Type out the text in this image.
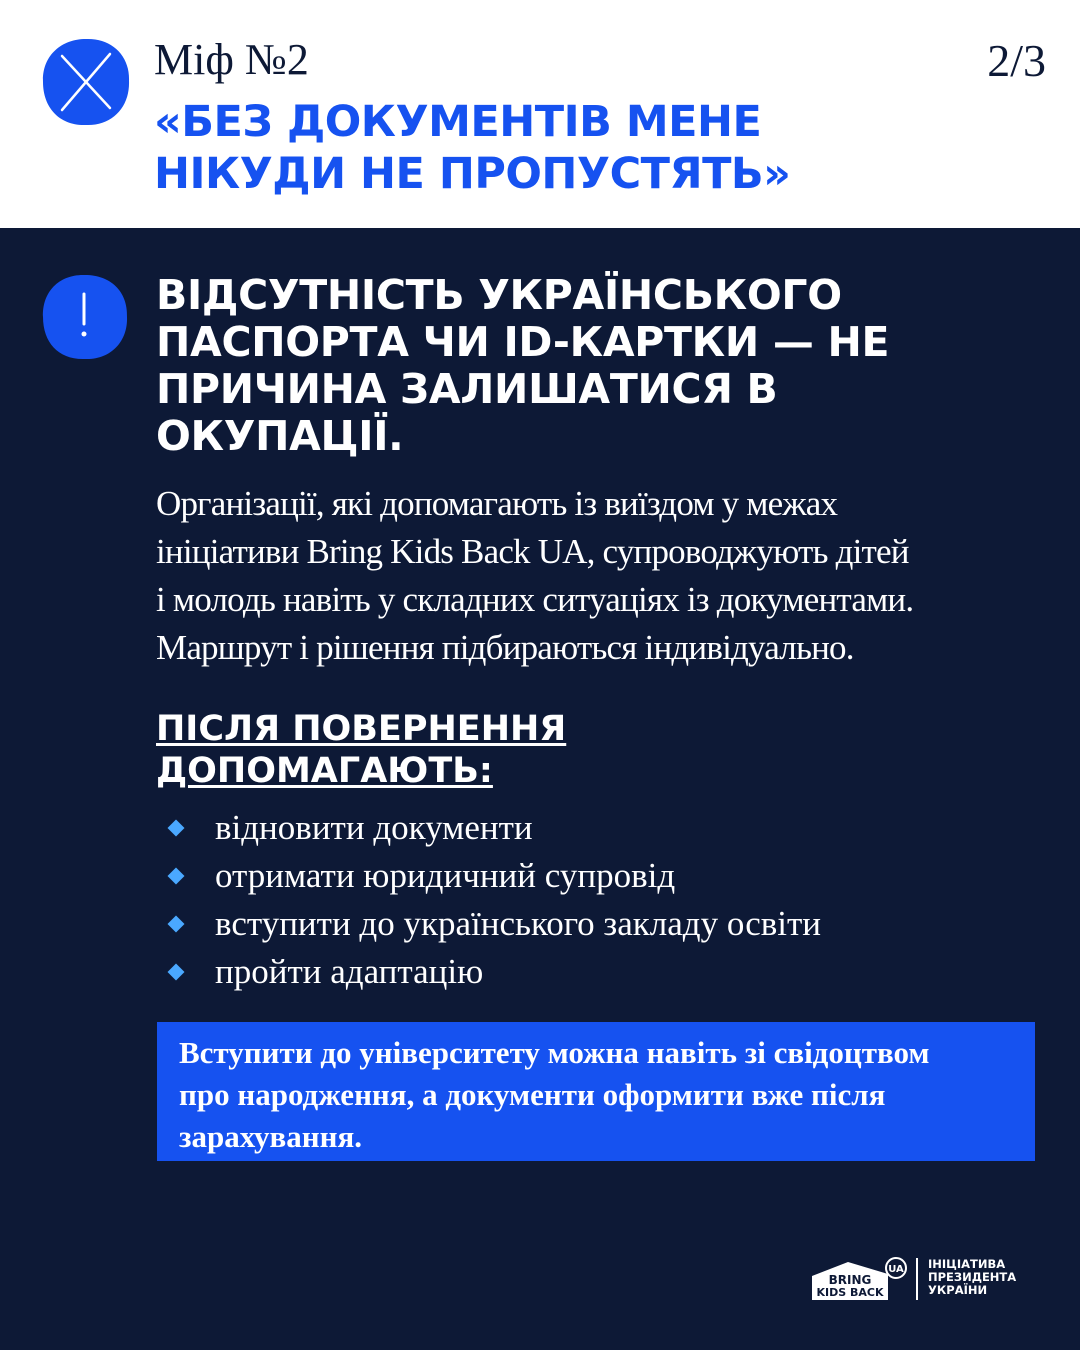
Міф №2	2/3
«БЕЗ ДОКУМЕНТІВ МЕНЕ
НІКУДИ НЕ ПРОПУСТЯТЬ»
ВІДСУТНІСТЬ УКРАЇНСЬКОГО
ПАСПОРТА ЧИ ID-КАРТКИ — НЕ
ПРИЧИНА ЗАЛИШАТИСЯ В
ОКУПАЦІЇ.
Організації, які допомагають із виїздом у межах
ініціативи Bring Kids Back UA, супроводжують дітей
і молодь навіть у складних ситуаціях із документами.
Маршрут і рішення підбираються індивідуально.
ПІСЛЯ ПОВЕРНЕННЯ
ДОПОМАГАЮТЬ:
відновити документи
отримати юридичний супровід
вступити до українського закладу освіти
пройти адаптацію
Вступити до університету можна навіть зі свідоцтвом
про народження, а документи оформити вже після
зарахування.
UA
BRING
KIDS BACK
ІНІЦІАТИВА
ПРЕЗИДЕНТА
УКРАЇНИ
